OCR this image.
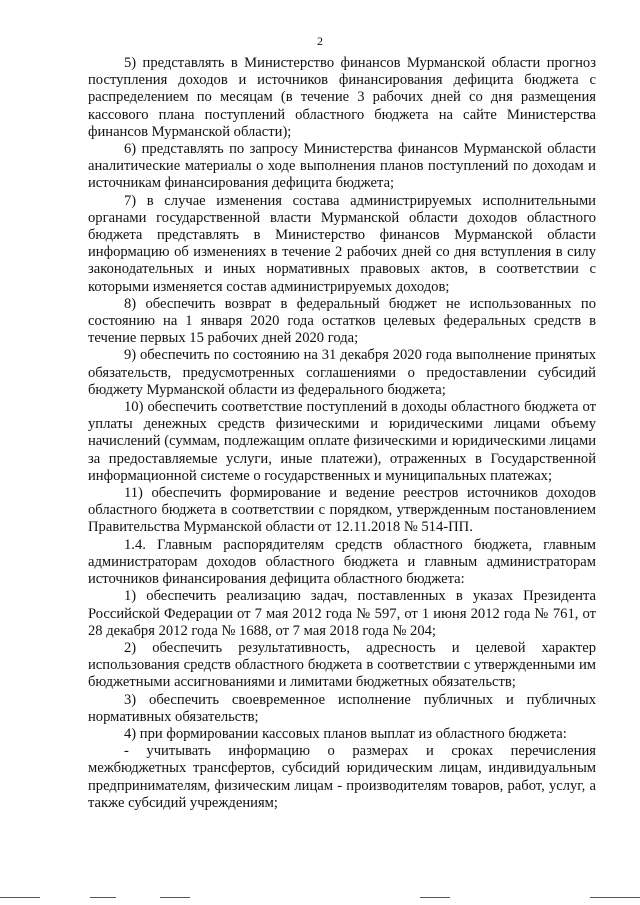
2

5) представлять в Министерство финансов Мурманской области прогноз поступления доходов и источников финансирования дефицита бюджета с распределением по месяцам (в течение 3 рабочих дней со дня размещения кассового плана поступлений областного бюджета на сайте Министерства финансов Мурманской области);

6) представлять по запросу Министерства финансов Мурманской области аналитические материалы о ходе выполнения планов поступлений по доходам и источникам финансирования дефицита бюджета;

7) в случае изменения состава администрируемых исполнительными органами государственной власти Мурманской области доходов областного бюджета представлять в Министерство финансов Мурманской области информацию об изменениях в течение 2 рабочих дней со дня вступления в силу законодательных и иных нормативных правовых актов, в соответствии с которыми изменяется состав администрируемых доходов;

8) обеспечить возврат в федеральный бюджет не использованных по состоянию на 1 января 2020 года остатков целевых федеральных средств в течение первых 15 рабочих дней 2020 года;

9) обеспечить по состоянию на 31 декабря 2020 года выполнение принятых обязательств, предусмотренных соглашениями о предоставлении субсидий бюджету Мурманской области из федерального бюджета;

10) обеспечить соответствие поступлений в доходы областного бюджета от уплаты денежных средств физическими и юридическими лицами объему начислений (суммам, подлежащим оплате физическими и юридическими лицами за предоставляемые услуги, иные платежи), отраженных в Государственной информационной системе о государственных и муниципальных платежах;

11) обеспечить формирование и ведение реестров источников доходов областного бюджета в соответствии с порядком, утвержденным постановлением Правительства Мурманской области от 12.11.2018 № 514-ПП.

1.4. Главным распорядителям средств областного бюджета, главным администраторам доходов областного бюджета и главным администраторам источников финансирования дефицита областного бюджета:

1) обеспечить реализацию задач, поставленных в указах Президента Российской Федерации от 7 мая 2012 года № 597, от 1 июня 2012 года № 761, от 28 декабря 2012 года № 1688, от 7 мая 2018 года № 204;

2) обеспечить результативность, адресность и целевой характер использования средств областного бюджета в соответствии с утвержденными им бюджетными ассигнованиями и лимитами бюджетных обязательств;

3) обеспечить своевременное исполнение публичных и публичных нормативных обязательств;

4) при формировании кассовых планов выплат из областного бюджета:

- учитывать информацию о размерах и сроках перечисления межбюджетных трансфертов, субсидий юридическим лицам, индивидуальным предпринимателям, физическим лицам - производителям товаров, работ, услуг, а также субсидий учреждениям;
